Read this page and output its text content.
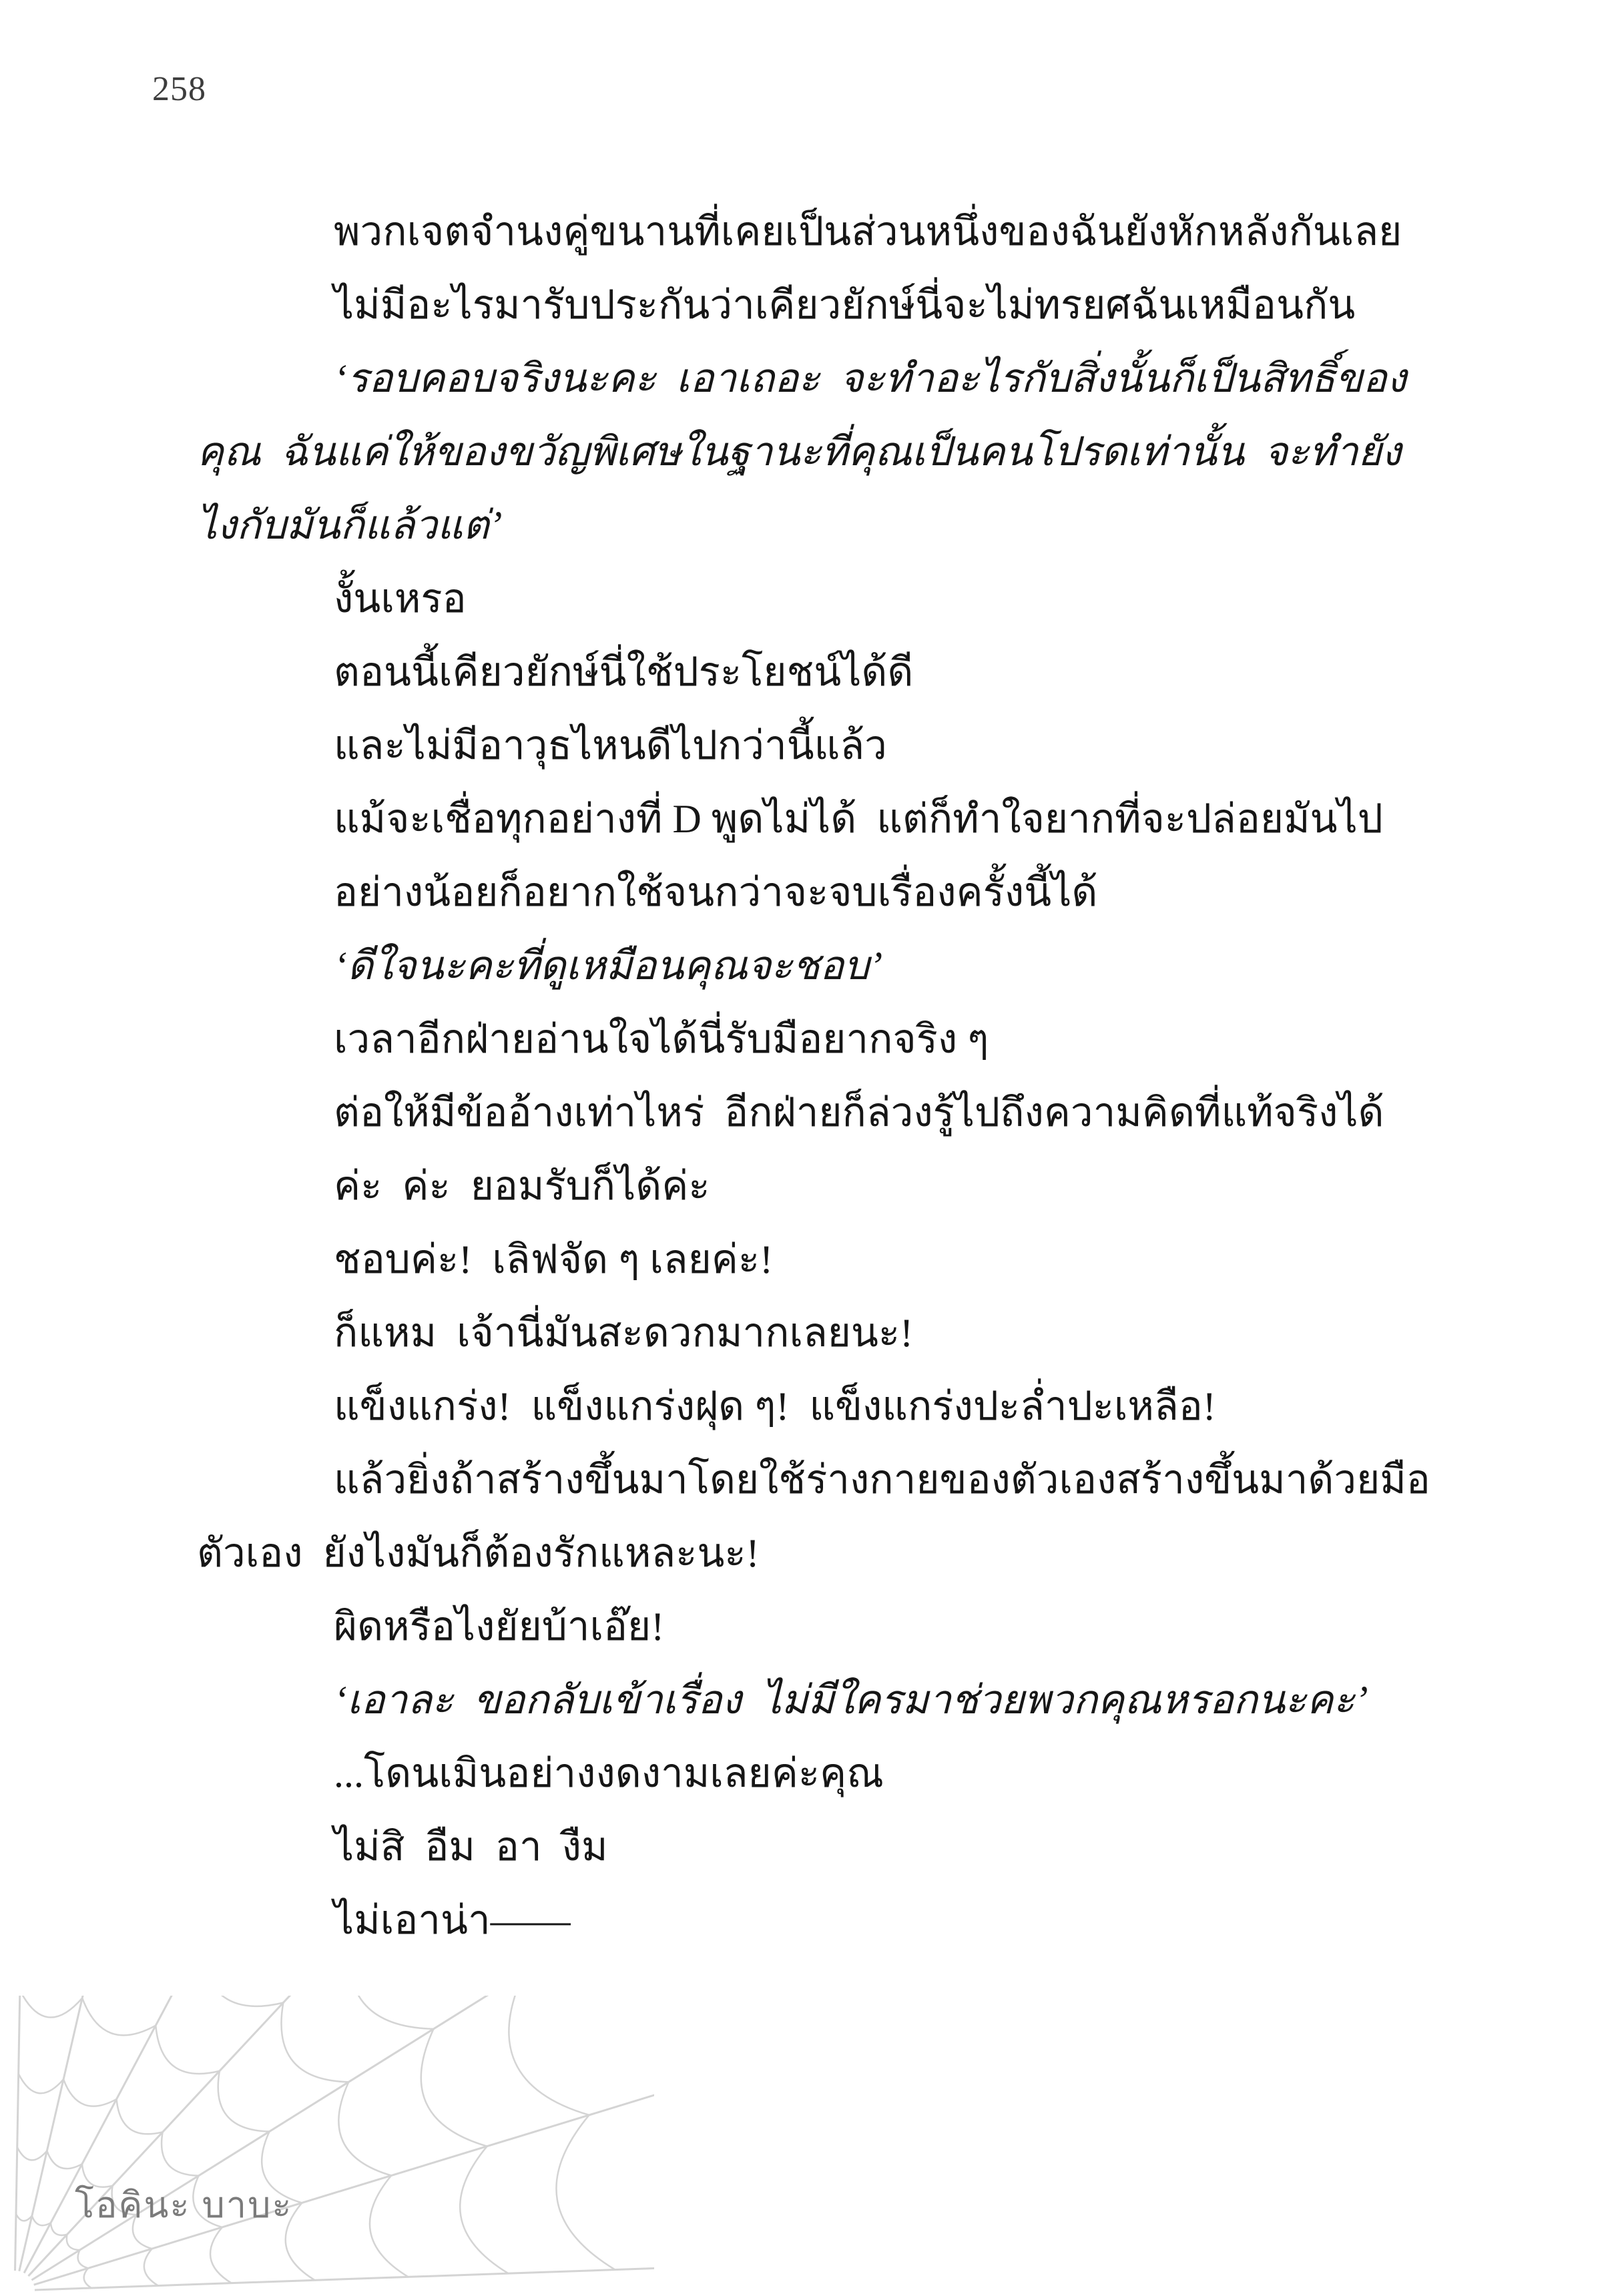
258

พวกเจตจำนงคู่ขนานที่เคยเป็นส่วนหนึ่งของฉันยังหักหลังกันเลย

ไม่มีอะไรมารับประกันว่าเคียวยักษ์นี่จะไม่ทรยศฉันเหมือนกัน

‘รอบคอบจริงนะคะ  เอาเถอะ  จะทำอะไรกับสิ่งนั้นก็เป็นสิทธิ์ของคุณ  ฉันแค่ให้ของขวัญพิเศษในฐานะที่คุณเป็นคนโปรดเท่านั้น  จะทำยังไงกับมันก็แล้วแต่’

งั้นเหรอ

ตอนนี้เคียวยักษ์นี่ใช้ประโยชน์ได้ดี

และไม่มีอาวุธไหนดีไปกว่านี้แล้ว

แม้จะเชื่อทุกอย่างที่ D พูดไม่ได้  แต่ก็ทำใจยากที่จะปล่อยมันไป

อย่างน้อยก็อยากใช้จนกว่าจะจบเรื่องครั้งนี้ได้

‘ดีใจนะคะที่ดูเหมือนคุณจะชอบ’

เวลาอีกฝ่ายอ่านใจได้นี่รับมือยากจริง ๆ

ต่อให้มีข้ออ้างเท่าไหร่  อีกฝ่ายก็ล่วงรู้ไปถึงความคิดที่แท้จริงได้

ค่ะ  ค่ะ  ยอมรับก็ได้ค่ะ

ชอบค่ะ!  เลิฟจัด ๆ เลยค่ะ!

ก็แหม  เจ้านี่มันสะดวกมากเลยนะ!

แข็งแกร่ง!  แข็งแกร่งฝุด ๆ!  แข็งแกร่งปะล่ำปะเหลือ!

แล้วยิ่งถ้าสร้างขึ้นมาโดยใช้ร่างกายของตัวเองสร้างขึ้นมาด้วยมือตัวเอง  ยังไงมันก็ต้องรักแหละนะ!

ผิดหรือไงยัยบ้าเอ๊ย!

‘เอาละ  ขอกลับเข้าเรื่อง  ไม่มีใครมาช่วยพวกคุณหรอกนะคะ’

...โดนเมินอย่างงดงามเลยค่ะคุณ

ไม่สิ  อืม  อา  งืม

ไม่เอาน่า——

โอคินะ บาบะ
